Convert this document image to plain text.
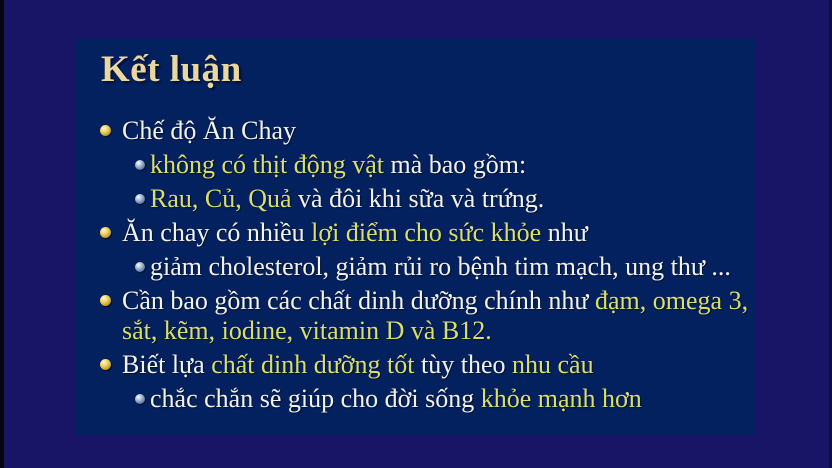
Kết luận
Chế độ Ăn Chay
không có thịt động vật mà bao gồm:
Rau, Củ, Quả và đôi khi sữa và trứng.
Ăn chay có nhiều lợi điểm cho sức khỏe như
giảm cholesterol, giảm rủi ro bệnh tim mạch, ung thư ...
Cần bao gồm các chất dinh dưỡng chính như đạm, omega 3, sắt, kẽm, iodine, vitamin D và B12.
Biết lựa chất dinh dưỡng tốt tùy theo nhu cầu
chắc chắn sẽ giúp cho đời sống khỏe mạnh hơn
